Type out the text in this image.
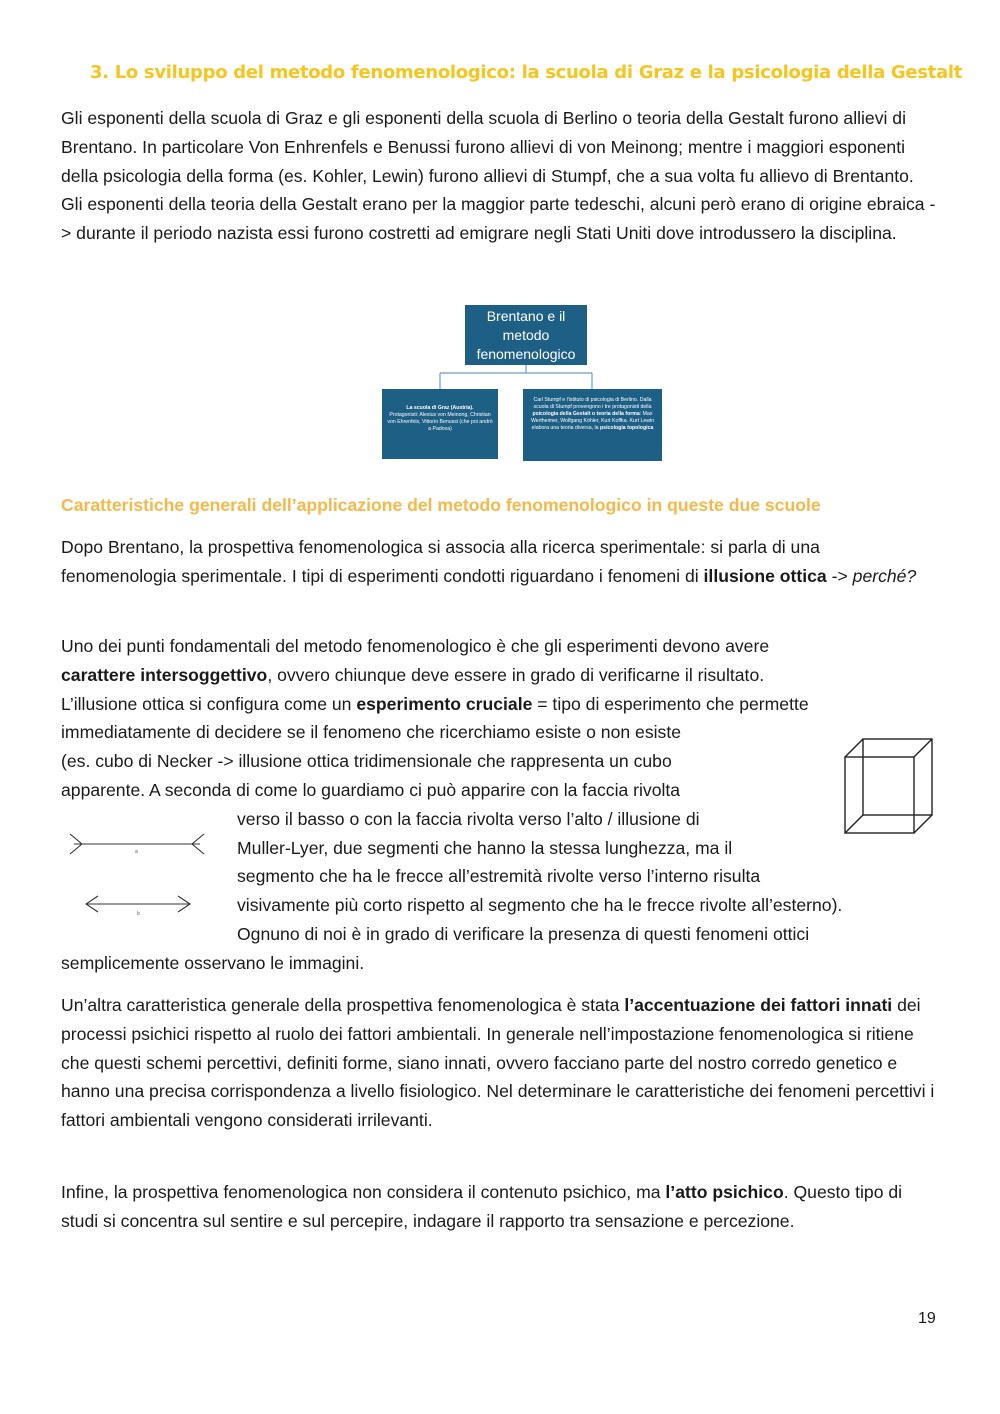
3. Lo sviluppo del metodo fenomenologico: la scuola di Graz e la psicologia della Gestalt

Gli esponenti della scuola di Graz e gli esponenti della scuola di Berlino o teoria della Gestalt furono allievi di Brentano. In particolare Von Enhrenfels e Benussi furono allievi di von Meinong; mentre i maggiori esponenti della psicologia della forma (es. Kohler, Lewin) furono allievi di Stumpf, che a sua volta fu allievo di Brentanto. Gli esponenti della teoria della Gestalt erano per la maggior parte tedeschi, alcuni però erano di origine ebraica -> durante il periodo nazista essi furono costretti ad emigrare negli Stati Uniti dove introdussero la disciplina.

Brentano e il metodo fenomenologico
La scuola di Graz (Austria).
Protagonisti: Alexius von Meinong, Christian von Ehrenfels, Vittorio Benussi (che poi andrò a Padova)
Carl Stumpf e l'istituto di psicologia di Berlino. Dalla scuola di Stumpf provengono i tre protagonisti della psicologia della Gestalt o teoria della forma: Max Wertheimer, Wolfgang Köhler, Kurt Koffka. Kurt Lewin elabora una teoria diversa, la psicologia topologica
Caratteristiche generali dell’applicazione del metodo fenomenologico in queste due scuole

Dopo Brentano, la prospettiva fenomenologica si associa alla ricerca sperimentale: si parla di una fenomenologia sperimentale. I tipi di esperimenti condotti riguardano i fenomeni di illusione ottica -> perché?

Uno dei punti fondamentali del metodo fenomenologico è che gli esperimenti devono avere
carattere intersoggettivo, ovvero chiunque deve essere in grado di verificarne il risultato.
L’illusione ottica si configura come un esperimento cruciale = tipo di esperimento che permette
immediatamente di decidere se il fenomeno che ricerchiamo esiste o non esiste
(es. cubo di Necker -> illusione ottica tridimensionale che rappresenta un cubo
apparente. A seconda di come lo guardiamo ci può apparire con la faccia rivolta
verso il basso o con la faccia rivolta verso l’alto / illusione di
Muller-Lyer, due segmenti che hanno la stessa lunghezza, ma il
segmento che ha le frecce all’estremità rivolte verso l’interno risulta
visivamente più corto rispetto al segmento che ha le frecce rivolte all’esterno).
Ognuno di noi è in grado di verificare la presenza di questi fenomeni ottici
semplicemente osservano le immagini.
a
b

Un’altra caratteristica generale della prospettiva fenomenologica è stata l’accentuazione dei fattori innati dei processi psichici rispetto al ruolo dei fattori ambientali. In generale nell’impostazione fenomenologica si ritiene che questi schemi percettivi, definiti forme, siano innati, ovvero facciano parte del nostro corredo genetico e hanno una precisa corrispondenza a livello fisiologico. Nel determinare le caratteristiche dei fenomeni percettivi i fattori ambientali vengono considerati irrilevanti.

Infine, la prospettiva fenomenologica non considera il contenuto psichico, ma l’atto psichico. Questo tipo di studi si concentra sul sentire e sul percepire, indagare il rapporto tra sensazione e percezione.

19
